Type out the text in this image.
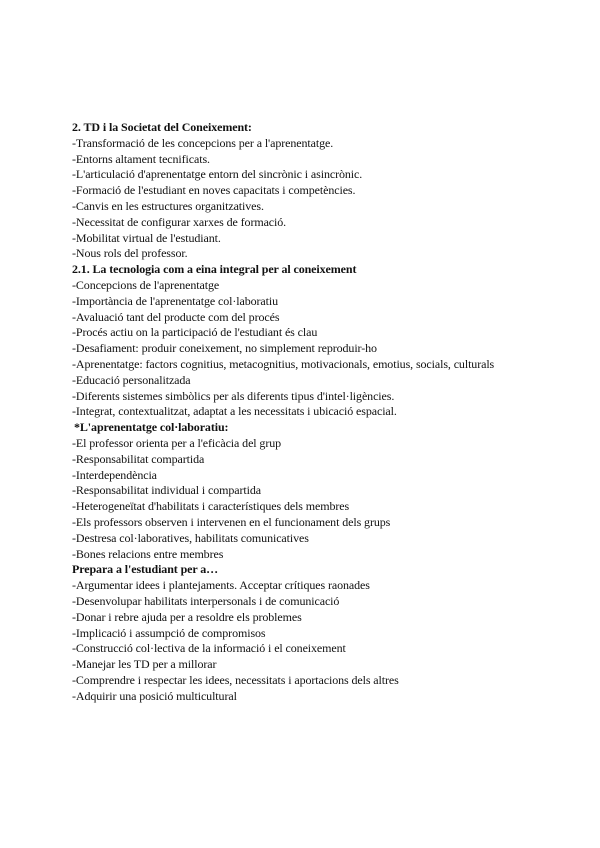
2. TD i la Societat del Coneixement:
-Transformació de les concepcions per a l'aprenentatge.
-Entorns altament tecnificats.
-L'articulació d'aprenentatge entorn del sincrònic i asincrònic.
-Formació de l'estudiant en noves capacitats i competències.
-Canvis en les estructures organitzatives.
-Necessitat de configurar xarxes de formació.
-Mobilitat virtual de l'estudiant.
-Nous rols del professor.
2.1. La tecnologia com a eina integral per al coneixement
-Concepcions de l'aprenentatge
-Importància de l'aprenentatge col·laboratiu
-Avaluació tant del producte com del procés
-Procés actiu on la participació de l'estudiant és clau
-Desafiament: produir coneixement, no simplement reproduir-ho
-Aprenentatge: factors cognitius, metacognitius, motivacionals, emotius, socials, culturals
-Educació personalitzada
-Diferents sistemes simbòlics per als diferents tipus d'intel·ligències.
-Integrat, contextualitzat, adaptat a les necessitats i ubicació espacial.
*L'aprenentatge col·laboratiu:
-El professor orienta per a l'eficàcia del grup
-Responsabilitat compartida
-Interdependència
-Responsabilitat individual i compartida
-Heterogeneïtat d'habilitats i característiques dels membres
-Els professors observen i intervenen en el funcionament dels grups
-Destresa col·laboratives, habilitats comunicatives
-Bones relacions entre membres
Prepara a l'estudiant per a…
-Argumentar idees i plantejaments. Acceptar crítiques raonades
-Desenvolupar habilitats interpersonals i de comunicació
-Donar i rebre ajuda per a resoldre els problemes
-Implicació i assumpció de compromisos
-Construcció col·lectiva de la informació i el coneixement
-Manejar les TD per a millorar
-Comprendre i respectar les idees, necessitats i aportacions dels altres
-Adquirir una posició multicultural
